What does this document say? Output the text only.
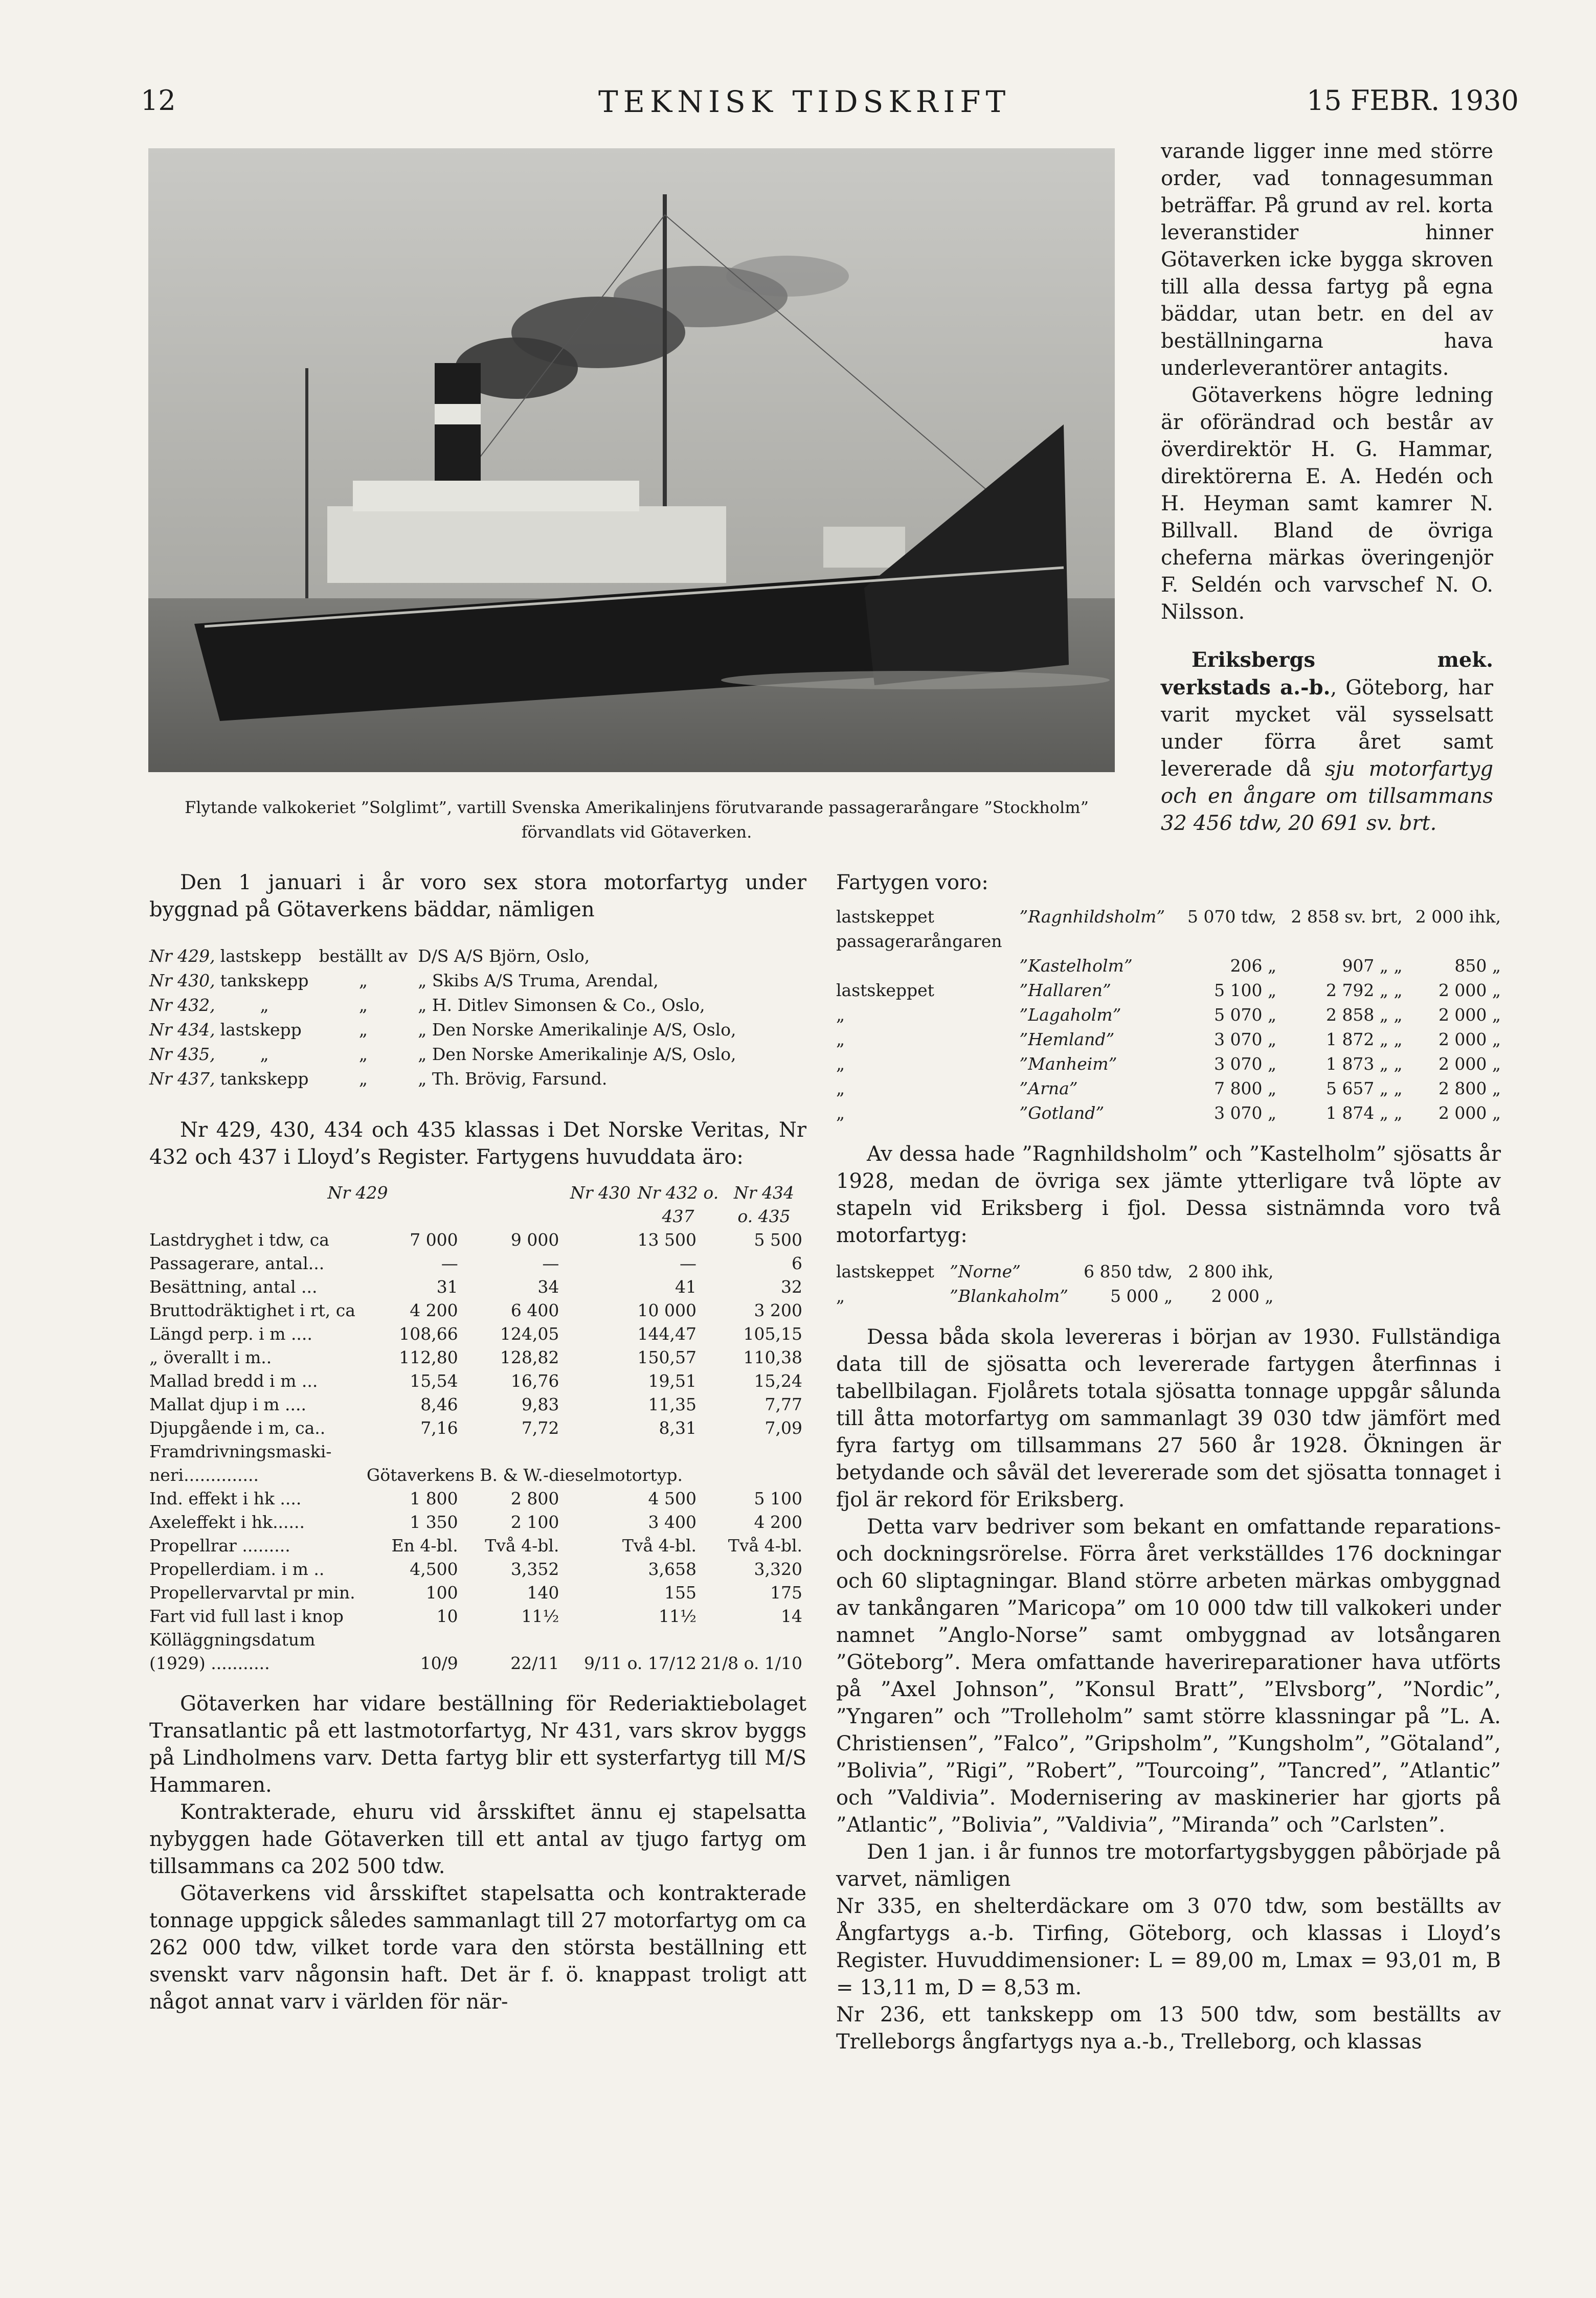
12	TEKNISK TIDSKRIFT	15 FEBR. 1930
Flytande valkokeriet ”Solglimt”, vartill Svenska Amerikalinjens förutvarande passagerarångare ”Stockholm”
förvandlats vid Götaverken.

varande ligger inne med större order, vad tonnagesumman beträffar. På grund av rel. korta leveranstider hinner Götaverken icke bygga skroven till alla dessa fartyg på egna bäddar, utan betr. en del av beställningarna hava underleverantörer antagits.

Götaverkens högre ledning är oförändrad och består av överdirektör H. G. Hammar, direktörerna E. A. Hedén och H. Heyman samt kamrer N. Billvall. Bland de övriga cheferna märkas överingenjör F. Seldén och varvschef N. O. Nilsson.

Eriksbergs mek. verkstads a.-b., Göteborg, har varit mycket väl sysselsatt under förra året samt levererade då sju motorfartyg och en ångare om tillsammans 32 456 tdw, 20 691 sv. brt.

Den 1 januari i år voro sex stora motorfartyg under byggnad på Götaverkens bäddar, nämligen

Nr 429,	lastskepp	beställt av	D/S A/S Björn, Oslo,
Nr 430,	tankskepp	„	„ Skibs A/S Truma, Arendal,
Nr 432,	„	„	„ H. Ditlev Simonsen & Co., Oslo,
Nr 434,	lastskepp	„	„ Den Norske Amerikalinje A/S, Oslo,
Nr 435,	„	„	„ Den Norske Amerikalinje A/S, Oslo,
Nr 437,	tankskepp	„	„ Th. Brövig, Farsund.

Nr 429, 430, 434 och 435 klassas i Det Norske Veritas, Nr 432 och 437 i Lloyd’s Register. Fartygens huvuddata äro:

	Nr 429	Nr 430	Nr 432 o. 437	Nr 434 o. 435
Lastdryghet i tdw, ca	7 000	9 000	13 500	5 500
Passagerare, antal...	—	—	—	6
Besättning, antal ...	31	34	41	32
Bruttodräktighet i rt, ca	4 200	6 400	10 000	3 200
Längd perp. i m ....	108,66	124,05	144,47	105,15
„ överallt i m..	112,80	128,82	150,57	110,38
Mallad bredd i m ...	15,54	16,76	19,51	15,24
Mallat djup i m ....	8,46	9,83	11,35	7,77
Djupgående i m, ca..	7,16	7,72	8,31	7,09
Framdrivningsmaski-				
neri..............	Götaverkens B. & W.-dieselmotortyp.			
Ind. effekt i hk ....	1 800	2 800	4 500	5 100
Axeleffekt i hk......	1 350	2 100	3 400	4 200
Propellrar .........	En 4-bl.	Två 4-bl.	Två 4-bl.	Två 4-bl.
Propellerdiam. i m ..	4,500	3,352	3,658	3,320
Propellervarvtal pr min.	100	140	155	175
Fart vid full last i knop	10	11½	11½	14
Kölläggningsdatum				
(1929) ...........	10/9	22/11	9/11 o. 17/12	21/8 o. 1/10

Götaverken har vidare beställning för Rederiaktiebolaget Transatlantic på ett lastmotorfartyg, Nr 431, vars skrov byggs på Lindholmens varv. Detta fartyg blir ett systerfartyg till M/S Hammaren.

Kontrakterade, ehuru vid årsskiftet ännu ej stapelsatta nybyggen hade Götaverken till ett antal av tjugo fartyg om tillsammans ca 202 500 tdw.

Götaverkens vid årsskiftet stapelsatta och kontrakterade tonnage uppgick således sammanlagt till 27 motorfartyg om ca 262 000 tdw, vilket torde vara den största beställning ett svenskt varv någonsin haft. Det är f. ö. knappast troligt att något annat varv i världen för när-

Fartygen voro:

lastskeppet	”Ragnhildsholm”	5 070 tdw,	2 858 sv. brt,	2 000 ihk,
passagerarångaren				
	”Kastelholm”	206 „	907 „ „	850 „
lastskeppet	”Hallaren”	5 100 „	2 792 „ „	2 000 „
„	”Lagaholm”	5 070 „	2 858 „ „	2 000 „
„	”Hemland”	3 070 „	1 872 „ „	2 000 „
„	”Manheim”	3 070 „	1 873 „ „	2 000 „
„	”Arna”	7 800 „	5 657 „ „	2 800 „
„	”Gotland”	3 070 „	1 874 „ „	2 000 „

Av dessa hade ”Ragnhildsholm” och ”Kastelholm” sjösatts år 1928, medan de övriga sex jämte ytterligare två löpte av stapeln vid Eriksberg i fjol. Dessa sistnämnda voro två motorfartyg:

lastskeppet	”Norne”	6 850 tdw,	2 800 ihk,
„	”Blankaholm”	5 000 „	2 000 „

Dessa båda skola levereras i början av 1930. Fullständiga data till de sjösatta och levererade fartygen återfinnas i tabellbilagan. Fjolårets totala sjösatta tonnage uppgår sålunda till åtta motorfartyg om sammanlagt 39 030 tdw jämfört med fyra fartyg om tillsammans 27 560 år 1928. Ökningen är betydande och såväl det levererade som det sjösatta tonnaget i fjol är rekord för Eriksberg.

Detta varv bedriver som bekant en omfattande reparations- och dockningsrörelse. Förra året verkställdes 176 dockningar och 60 sliptagningar. Bland större arbeten märkas ombyggnad av tankångaren ”Maricopa” om 10 000 tdw till valkokeri under namnet ”Anglo-Norse” samt ombyggnad av lotsångaren ”Göteborg”. Mera omfattande haverireparationer hava utförts på ”Axel Johnson”, ”Konsul Bratt”, ”Elvsborg”, ”Nordic”, ”Yngaren” och ”Trolleholm” samt större klassningar på ”L. A. Christiensen”, ”Falco”, ”Gripsholm”, ”Kungsholm”, ”Götaland”, ”Bolivia”, ”Rigi”, ”Robert”, ”Tourcoing”, ”Tancred”, ”Atlantic” och ”Valdivia”. Modernisering av maskinerier har gjorts på ”Atlantic”, ”Bolivia”, ”Valdivia”, ”Miranda” och ”Carlsten”.

Den 1 jan. i år funnos tre motorfartygsbyggen påbörjade på varvet, nämligen

Nr 335, en shelterdäckare om 3 070 tdw, som beställts av Ångfartygs a.-b. Tirfing, Göteborg, och klassas i Lloyd’s Register. Huvuddimensioner: L = 89,00 m, Lmax = 93,01 m, B = 13,11 m, D = 8,53 m.

Nr 236, ett tankskepp om 13 500 tdw, som beställts av Trelleborgs ångfartygs nya a.-b., Trelleborg, och klassas
